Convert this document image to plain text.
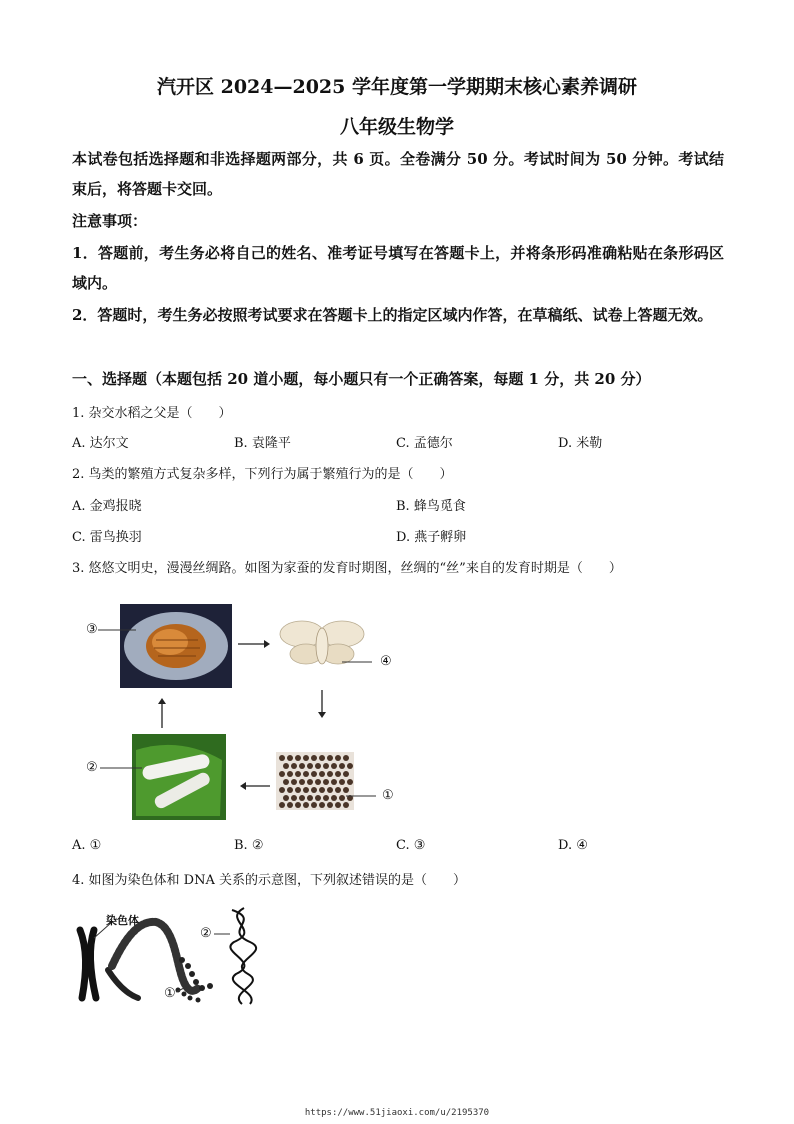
汽开区 2024—2025 学年度第一学期期末核心素养调研
八年级生物学
本试卷包括选择题和非选择题两部分，共 6 页。全卷满分 50 分。考试时间为 50 分钟。考试结束后，将答题卡交回。
注意事项：
1．答题前，考生务必将自己的姓名、准考证号填写在答题卡上，并将条形码准确粘贴在条形码区域内。
2．答题时，考生务必按照考试要求在答题卡上的指定区域内作答，在草稿纸、试卷上答题无效。
一、选择题（本题包括 20 道小题，每小题只有一个正确答案，每题 1 分，共 20 分）
1. 杂交水稻之父是（　　）
A. 达尔文	B. 袁隆平	C. 孟德尔	D. 米勒
2. 鸟类的繁殖方式复杂多样，下列行为属于繁殖行为的是（　　）
A. 金鸡报晓	B. 蜂鸟觅食
C. 雷鸟换羽	D. 燕子孵卵
3. 悠悠文明史，漫漫丝绸路。如图为家蚕的发育时期图，丝绸的“丝”来自的发育时期是（　　）
③
④
②
①
A. ①	B. ②	C. ③	D. ④
4. 如图为染色体和 DNA 关系的示意图，下列叙述错误的是（　　）
染色体
②
①
https://www.51jiaoxi.com/u/2195370
